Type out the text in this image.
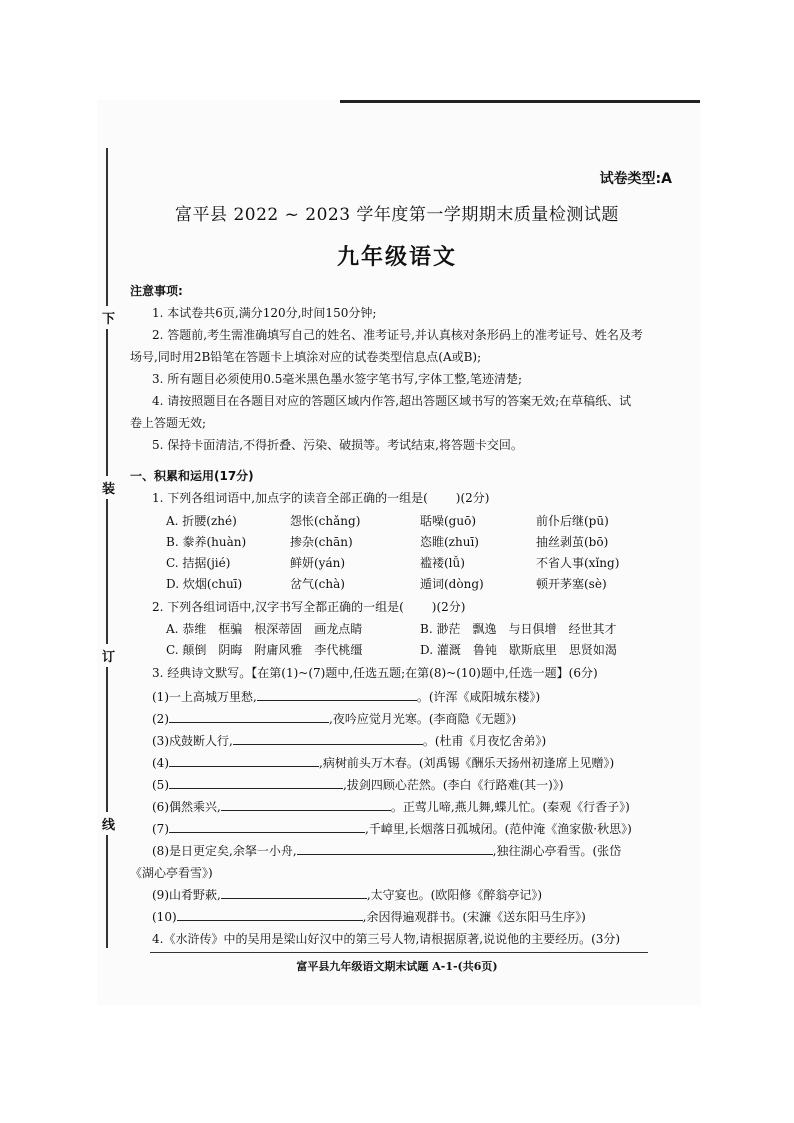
下
装
订
线
试卷类型:A
富平县 2022 ~ 2023 学年度第一学期期末质量检测试题
九年级语文
注意事项:
1. 本试卷共6页,满分120分,时间150分钟;
2. 答题前,考生需准确填写自己的姓名、准考证号,并认真核对条形码上的准考证号、姓名及考
场号,同时用2B铅笔在答题卡上填涂对应的试卷类型信息点(A或B);
3. 所有题目必须使用0.5毫米黑色墨水签字笔书写,字体工整,笔迹清楚;
4. 请按照题目在各题目对应的答题区域内作答,超出答题区域书写的答案无效;在草稿纸、试
卷上答题无效;
5. 保持卡面清洁,不得折叠、污染、破损等。考试结束,将答题卡交回。
一、积累和运用(17分)
1. 下列各组词语中,加点字的读音全部正确的一组是( )(2分)
A. 折腰(zhé)	怨怅(chǎng)	聒噪(guō)	前仆后继(pū)
B. 豢养(huàn)	掺杂(chān)	恣睢(zhuī)	抽丝剥茧(bō)
C. 拮据(jié)	鲜妍(yán)	褴褛(lǚ)	不省人事(xǐng)
D. 炊烟(chuī)	岔气(chà)	遁词(dòng)	顿开茅塞(sè)
2. 下列各组词语中,汉字书写全都正确的一组是( )(2分)
A. 恭维　框骗　根深蒂固　画龙点睛	B. 渺茫　飘逸　与日俱增　经世其才
C. 颠倒　阴晦　附庸风雅　李代桃缰	D. 灌溉　鲁钝　歇斯底里　思贤如渴
3. 经典诗文默写。【在第(1)~(7)题中,任选五题;在第(8)~(10)题中,任选一题】(6分)
(1)一上高城万里愁,	。(许浑《咸阳城东楼》)
(2)	,夜吟应觉月光寒。(李商隐《无题》)
(3)戍鼓断人行,	。(杜甫《月夜忆舍弟》)
(4)	,病树前头万木春。(刘禹锡《酬乐天扬州初逢席上见赠》)
(5)	,拔剑四顾心茫然。(李白《行路难(其一)》)
(6)偶然乘兴,	。正莺儿啼,燕儿舞,蝶儿忙。(秦观《行香子》)
(7)	,千嶂里,长烟落日孤城闭。(范仲淹《渔家傲·秋思》)
(8)是日更定矣,余拏一小舟,	,独往湖心亭看雪。(张岱
《湖心亭看雪》)
(9)山肴野蔌,	,太守宴也。(欧阳修《醉翁亭记》)
(10)	,余因得遍观群书。(宋濂《送东阳马生序》)
4.《水浒传》中的吴用是梁山好汉中的第三号人物,请根据原著,说说他的主要经历。(3分)
富平县九年级语文期末试题 A-1-(共6页)
